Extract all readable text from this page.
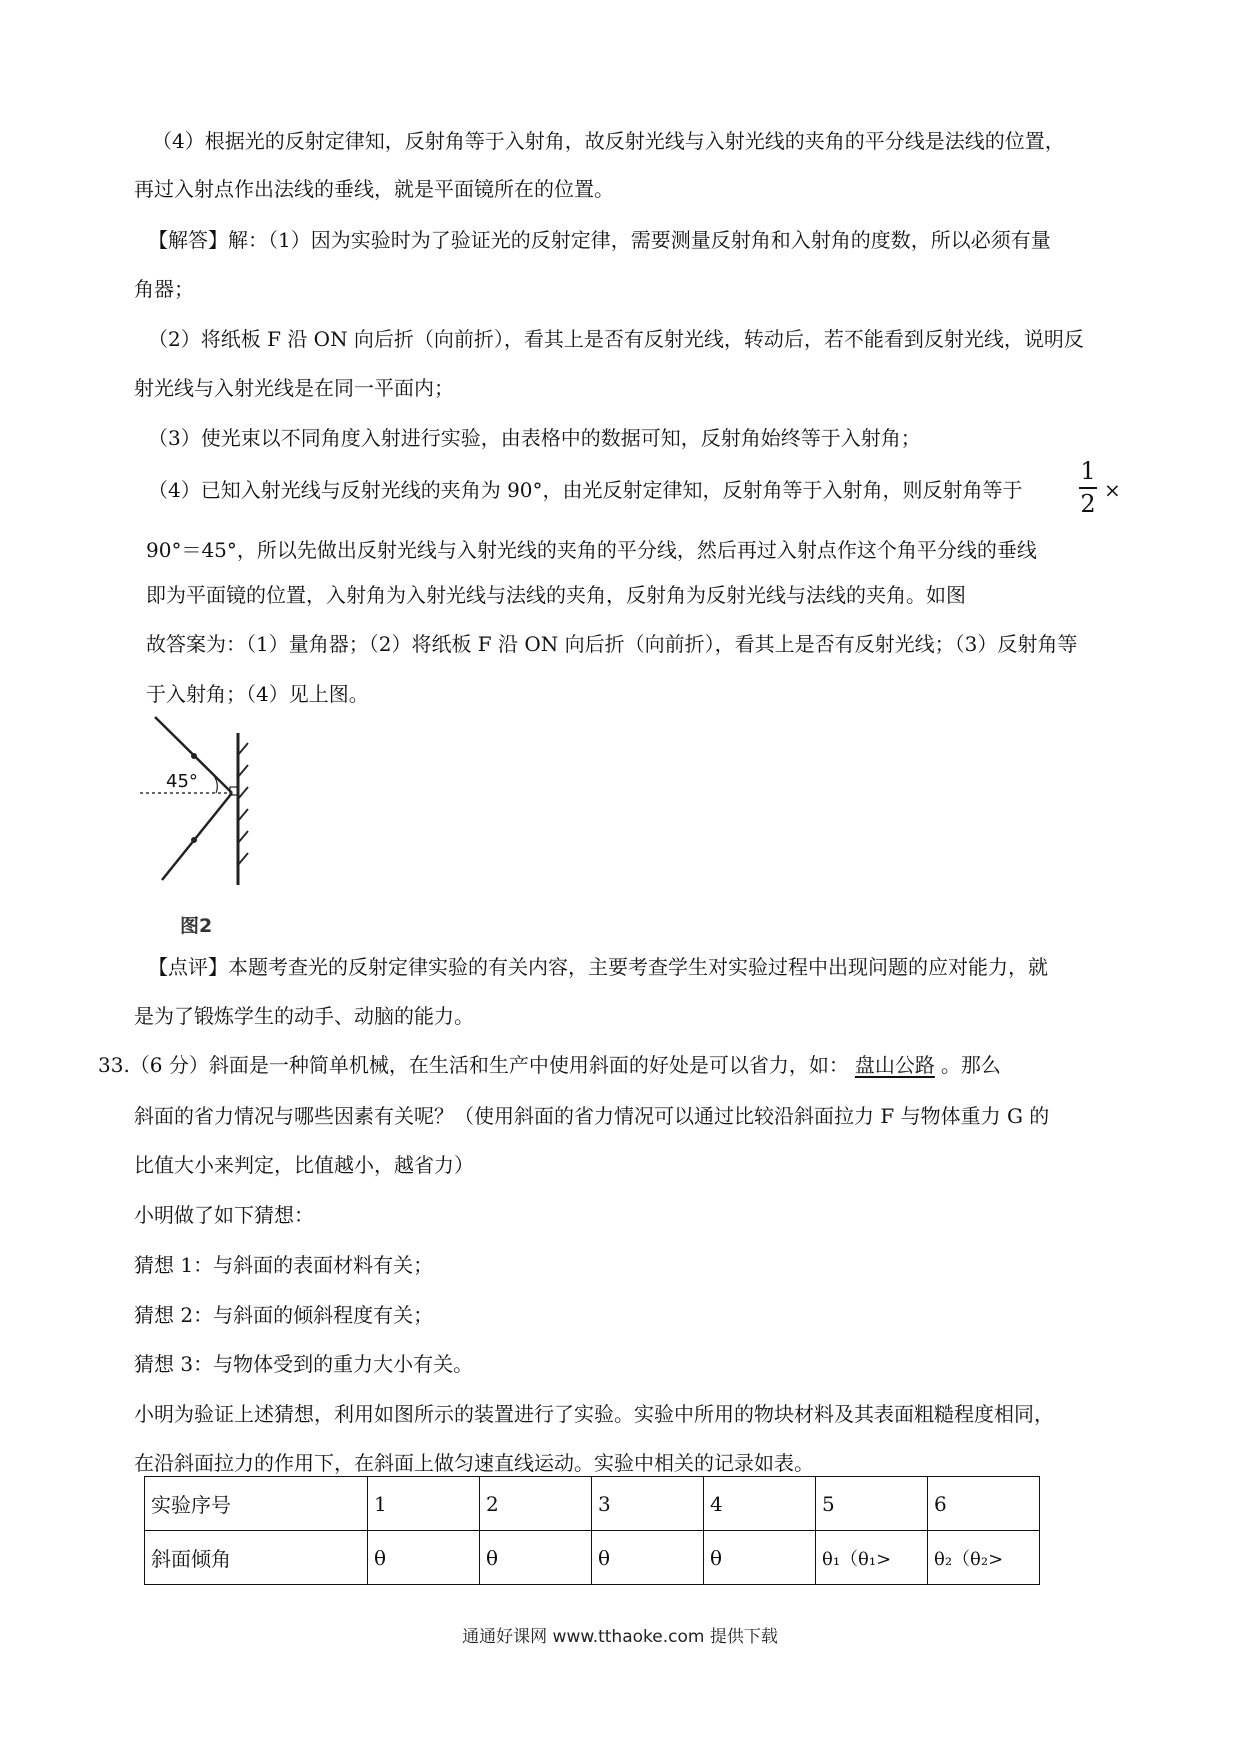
（4）根据光的反射定律知，反射角等于入射角，故反射光线与入射光线的夹角的平分线是法线的位置，
再过入射点作出法线的垂线，就是平面镜所在的位置。
【解答】解：（1）因为实验时为了验证光的反射定律，需要测量反射角和入射角的度数，所以必须有量
角器；
（2）将纸板 F 沿 ON 向后折（向前折），看其上是否有反射光线，转动后，若不能看到反射光线，说明反
射光线与入射光线是在同一平面内；
（3）使光束以不同角度入射进行实验，由表格中的数据可知，反射角始终等于入射角；
（4）已知入射光线与反射光线的夹角为 90°，由光反射定律知，反射角等于入射角，则反射角等于
1
2 ×
90°＝45°，所以先做出反射光线与入射光线的夹角的平分线，然后再过入射点作这个角平分线的垂线
即为平面镜的位置，入射角为入射光线与法线的夹角，反射角为反射光线与法线的夹角。如图
故答案为：（1）量角器；（2）将纸板 F 沿 ON 向后折（向前折），看其上是否有反射光线；（3）反射角等
于入射角；（4）见上图。
45°
图2
【点评】本题考查光的反射定律实验的有关内容，主要考查学生对实验过程中出现问题的应对能力，就
是为了锻炼学生的动手、动脑的能力。
33.（6 分）斜面是一种简单机械，在生活和生产中使用斜面的好处是可以省力，如： 盘山公路 。那么
斜面的省力情况与哪些因素有关呢？（使用斜面的省力情况可以通过比较沿斜面拉力 F 与物体重力 G 的
比值大小来判定，比值越小，越省力）
小明做了如下猜想：
猜想 1：与斜面的表面材料有关；
猜想 2：与斜面的倾斜程度有关；
猜想 3：与物体受到的重力大小有关。
小明为验证上述猜想，利用如图所示的装置进行了实验。实验中所用的物块材料及其表面粗糙程度相同，
在沿斜面拉力的作用下，在斜面上做匀速直线运动。实验中相关的记录如表。
实验序号	1	2	3	4	5	6
斜面倾角	θ	θ	θ	θ	θ₁（θ₁>	θ₂（θ₂>
通通好课网 www.tthaoke.com 提供下载
